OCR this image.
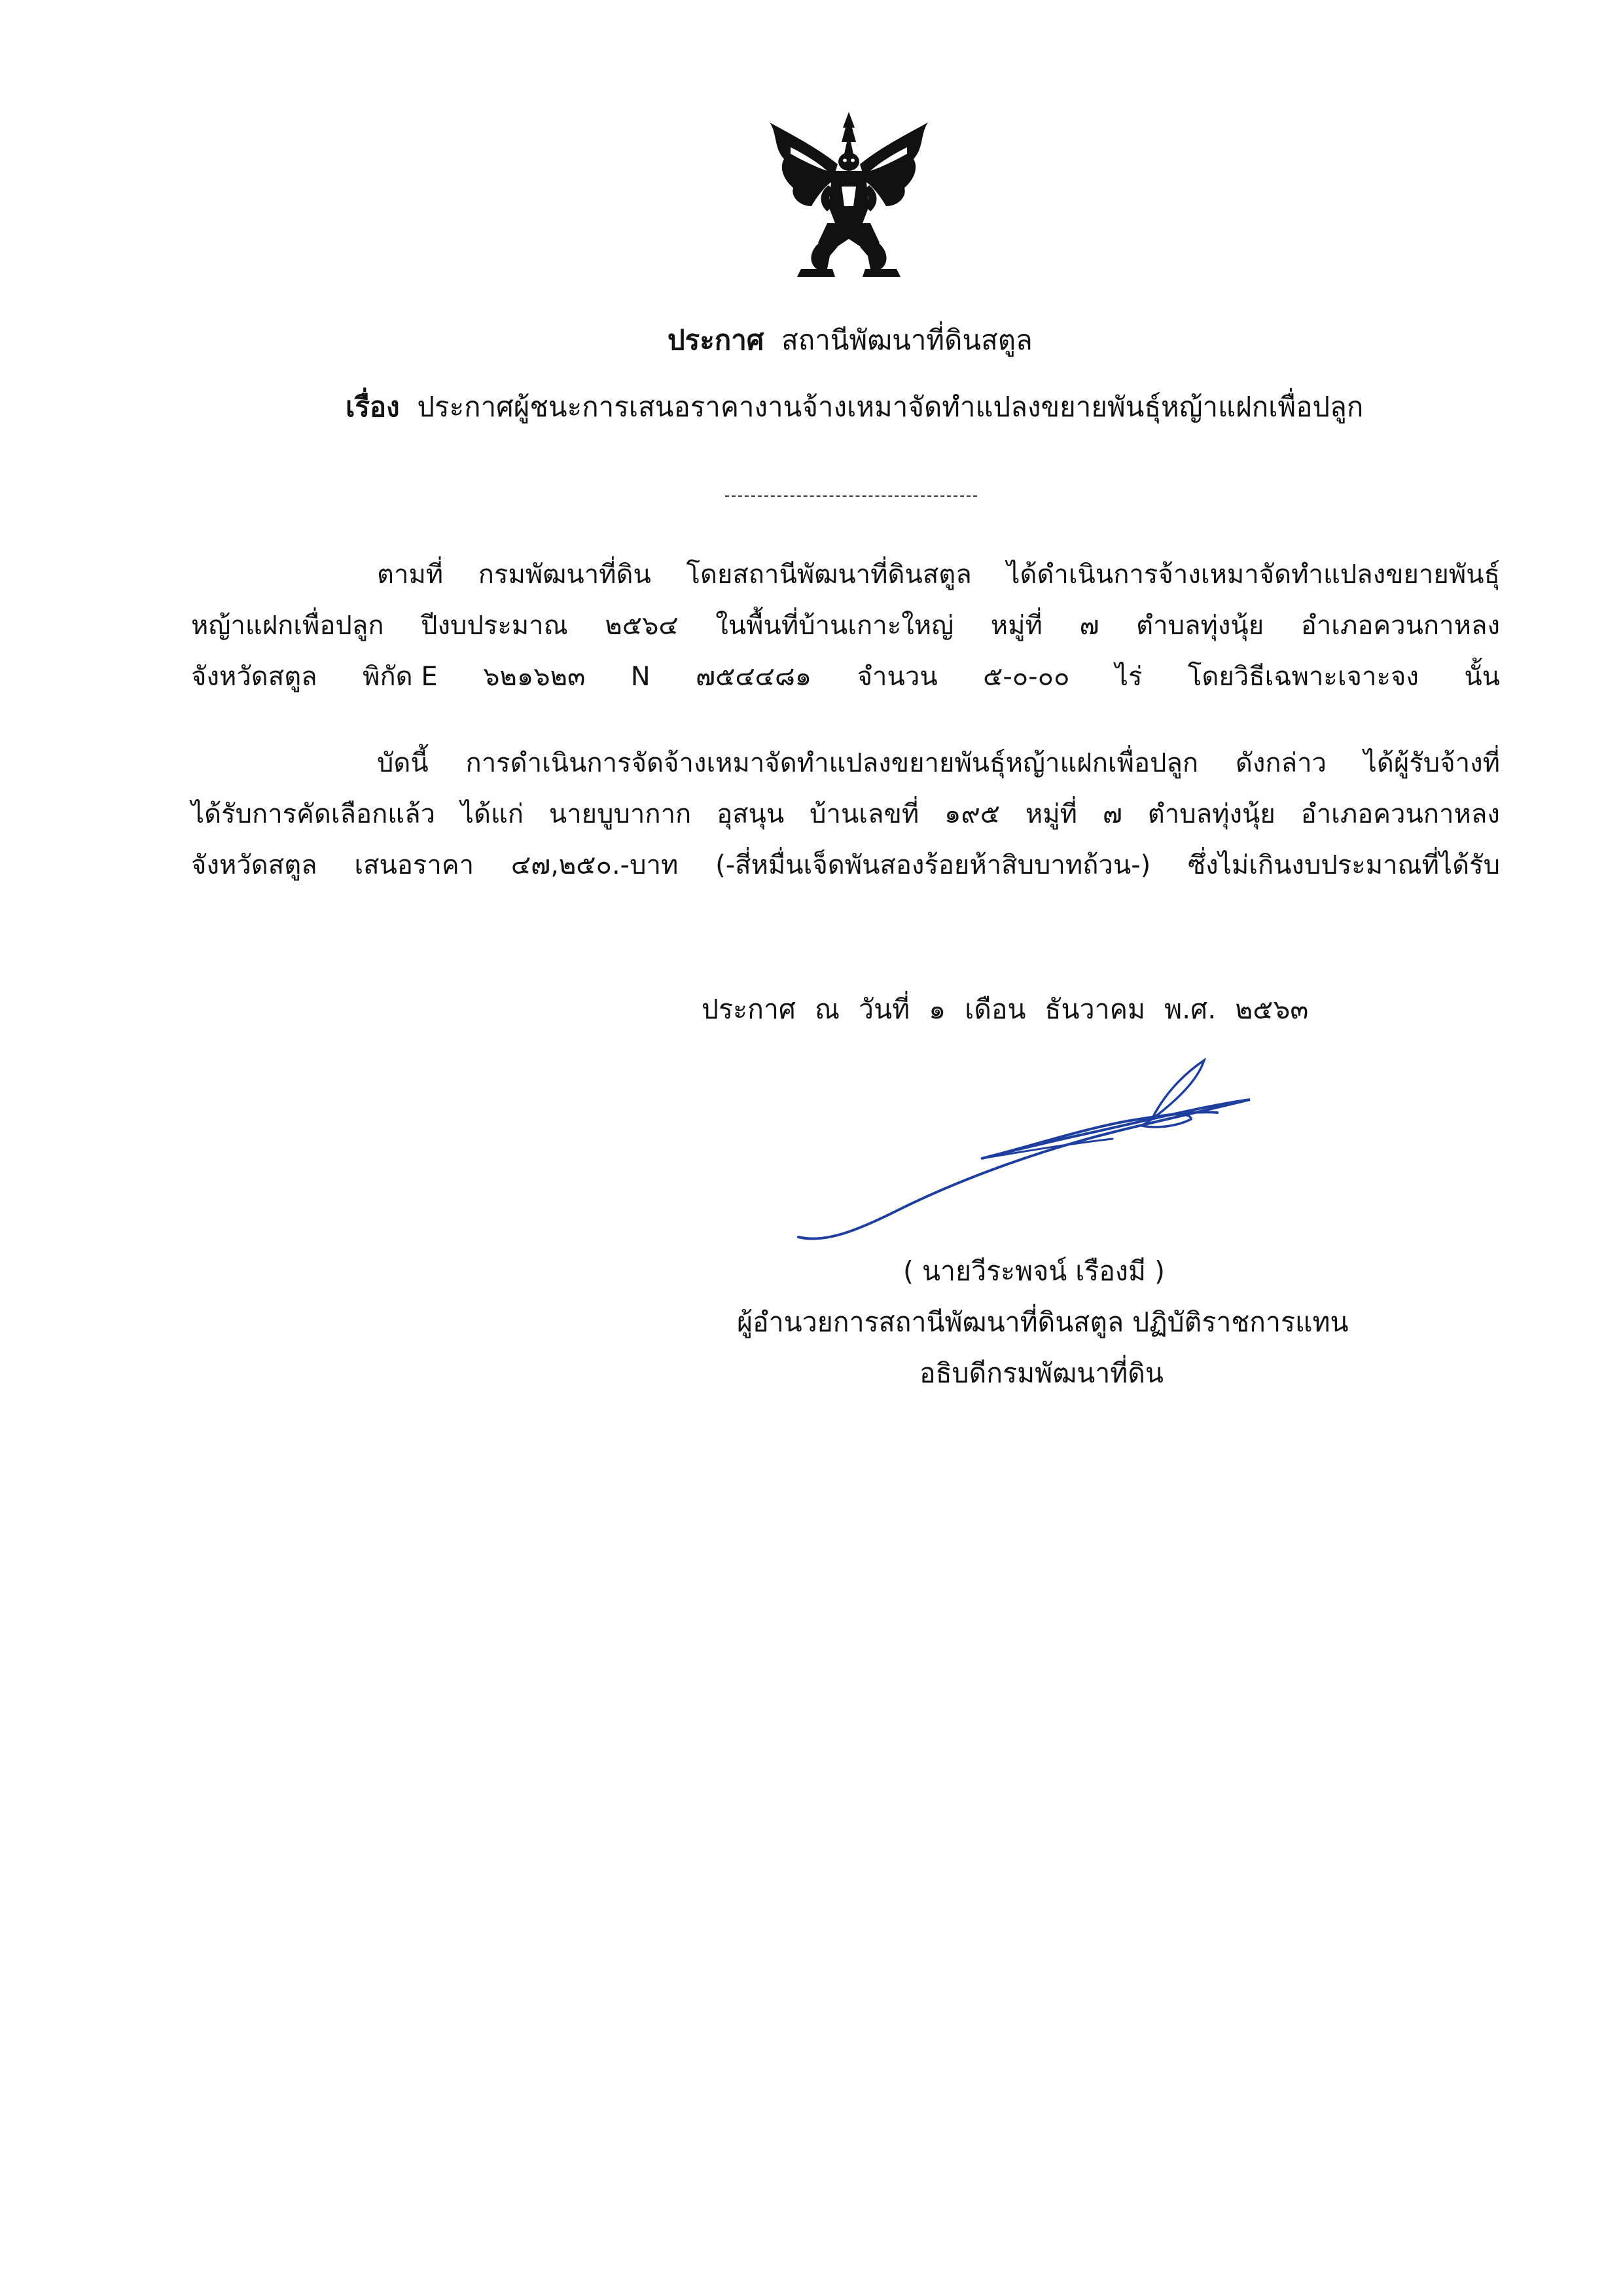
ประกาศ สถานีพัฒนาที่ดินสตูล
เรื่อง ประกาศผู้ชนะการเสนอราคางานจ้างเหมาจัดทำแปลงขยายพันธุ์หญ้าแฝกเพื่อปลูก
ตามที่ กรมพัฒนาที่ดิน โดยสถานีพัฒนาที่ดินสตูล ได้ดำเนินการจ้างเหมาจัดทำแปลงขยายพันธุ์
หญ้าแฝกเพื่อปลูก ปีงบประมาณ ๒๕๖๔ ในพื้นที่บ้านเกาะใหญ่ หมู่ที่ ๗ ตำบลทุ่งนุ้ย อำเภอควนกาหลง
จังหวัดสตูล พิกัด E ๖๒๑๖๒๓ N ๗๕๔๔๘๑ จำนวน ๕-๐-๐๐ ไร่ โดยวิธีเฉพาะเจาะจง นั้น
บัดนี้ การดำเนินการจัดจ้างเหมาจัดทำแปลงขยายพันธุ์หญ้าแฝกเพื่อปลูก ดังกล่าว ได้ผู้รับจ้างที่
ได้รับการคัดเลือกแล้ว ได้แก่ นายบูบากาก อุสนุน บ้านเลขที่ ๑๙๕ หมู่ที่ ๗ ตำบลทุ่งนุ้ย อำเภอควนกาหลง
จังหวัดสตูล เสนอราคา ๔๗,๒๕๐.-บาท (-สี่หมื่นเจ็ดพันสองร้อยห้าสิบบาทถ้วน-) ซึ่งไม่เกินงบประมาณที่ได้รับ
ประกาศ ณ วันที่ ๑ เดือน ธันวาคม พ.ศ. ๒๕๖๓
( นายวีระพจน์ เรืองมี )
ผู้อำนวยการสถานีพัฒนาที่ดินสตูล ปฏิบัติราชการแทน
อธิบดีกรมพัฒนาที่ดิน
